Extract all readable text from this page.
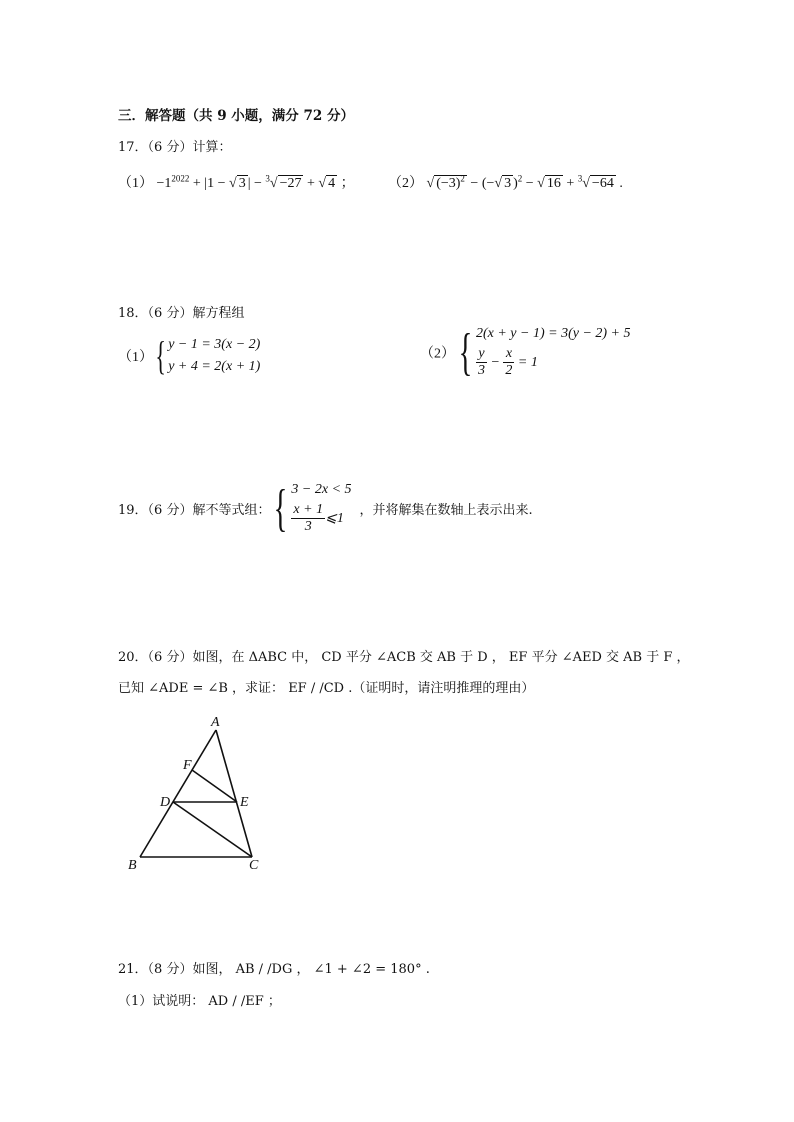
三．解答题（共 9 小题，满分 72 分）
17．（6 分）计算：
$(1) -1^{2022} + |1$ − √ 3 | − $^3$√ −27 + √ 4 ； （2） √ $(-3)^2$ − (−√ 3 )$^2$ − √ 16 + $^3$√ −64 .
18．（6 分）解方程组
（1）{ y − 1 = 3(x − 2)
y + 4 = 2(x + 1)
（2）{ 2(x + y − 1) = 3(y − 2) + 5
$\frac{y}{3} - \frac{x}{2} = 1$
19．（6 分）解不等式组：{ 3 − 2x < 5
$\frac{x + 1}{3}$ ⩽1
，并将解集在数轴上表示出来.
20．（6 分）如图，在 ΔABC 中， CD 平分 ∠ACB 交 AB 于 D ， EF 平分 ∠AED 交 AB 于 F ，
已知 ∠ADE = ∠B ，求证： EF / /CD .（证明时，请注明推理的理由）
A
F
D	E
B	C
21．（8 分）如图， AB / /DG ， ∠1 + ∠2 = 180° .
（1）试说明： AD / /EF ；
